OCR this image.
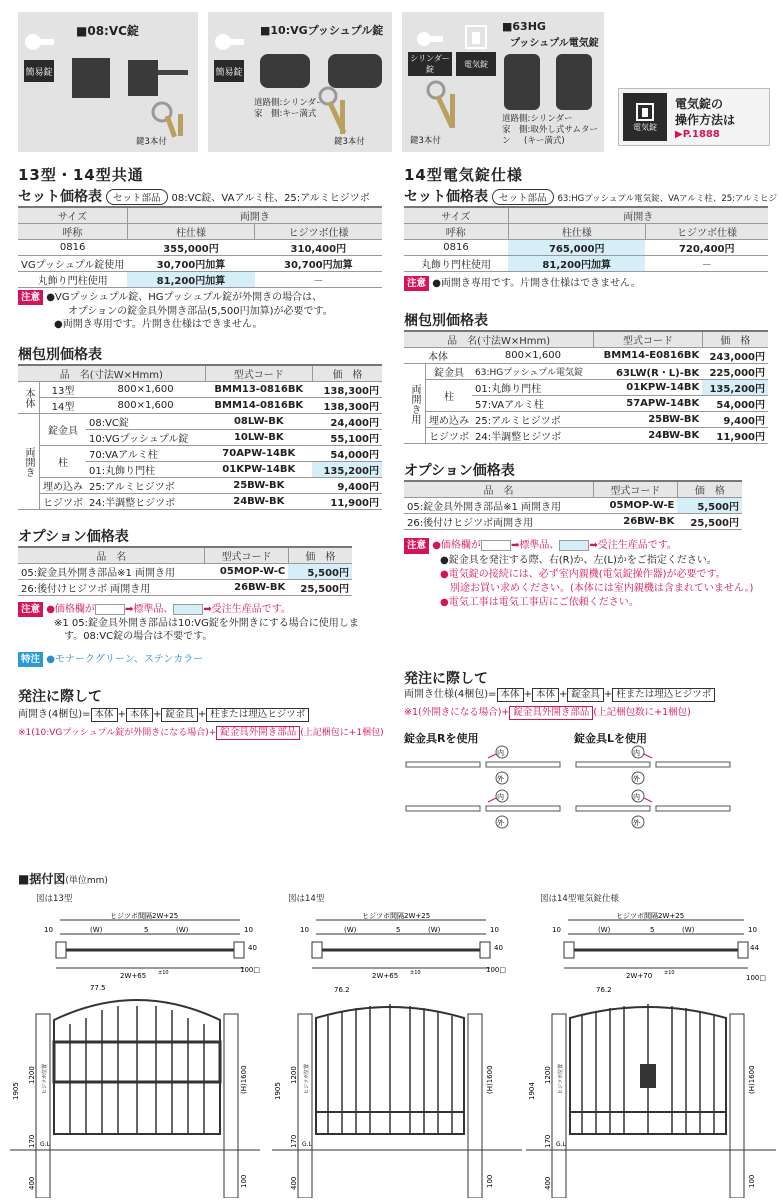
簡易錠
■08:VC錠
鍵3本付
簡易錠
■10:VGプッシュプル錠
道路側:シリンダー
家　側:キー満式
鍵3本付
シリンダー錠
電気錠
■63HG
プッシュプル電気錠
道路側:シリンダー
家　側:取外し式サムターン	(キー満式)
鍵3本付
電気錠
電気錠の
操作方法は
▶P.1888
13型・14型共通
セット価格表 セット部品 08:VC錠、VAアルミ柱、25:アルミヒジツボ
サイズ	両開き	
呼称	柱仕様	ヒジツボ仕様
0816	355,000円	310,400円
VGプッシュプル錠使用	30,700円加算	30,700円加算
丸飾り門柱使用	81,200円加算	－
注意 ●VGプッシュプル錠、HGプッシュプル錠が外開きの場合は、
オプションの錠金具外開き部品(5,500円加算)が必要です。
●両開き専用です。片開き仕様はできません。
梱包別価格表
品　名(寸法W×Hmm)			型式コード	価　格
本体	13型	800×1,600	BMM13-0816BK	138,300円
	14型	800×1,600	BMM14-0816BK	138,300円
両開き	錠金具	08:VC錠	08LW-BK	24,400円
		10:VGプッシュプル錠	10LW-BK	55,100円
	柱	70:VAアルミ柱	70APW-14BK	54,000円
		01:丸飾り門柱	01KPW-14BK	135,200円
	埋め込み	25:アルミヒジツボ	25BW-BK	9,400円
	ヒジツボ	24:半調整ヒジツボ	24BW-BK	11,900円
オプション価格表
品　名	型式コード	価　格
05:錠金具外開き部品※1 両開き用	05MOP-W-C	5,500円
26:後付けヒジツボ 両開き用	26BW-BK	25,500円
注意 ●価格欄が	➡標準品、	➡受注生産品です。
※1 05:錠金具外開き部品は10:VG錠を外開きにする場合に使用しま
す。08:VC錠の場合は不要です。
特注 ●モナークグリーン、ステンカラー
発注に際して
両開き(4梱包)= 本体 + 本体 + 錠金具 + 柱または埋込ヒジツボ
※1(10:VGプッシュプル錠が外開きになる場合)+ 錠金具外開き部品 (上記梱包に+1梱包)
14型電気錠仕様
セット価格表 セット部品 63:HGプッシュプル電気錠、VAアルミ柱、25:アルミヒジ
サイズ	両開き	
呼称	柱仕様	ヒジツボ仕様
0816	765,000円	720,400円
丸飾り門柱使用	81,200円加算	－
注意 ●両開き専用です。片開き仕様はできません。
梱包別価格表
品　名(寸法W×Hmm)			型式コード	価　格
本体		800×1,600	BMM14-E0816BK	243,000円
両開き用	錠金具	63:HGプッシュプル電気錠	63LW(R・L)-BK	225,000円
	柱	01:丸飾り門柱	01KPW-14BK	135,200円
		57:VAアルミ柱	57APW-14BK	54,000円
	埋め込み	25:アルミヒジツボ	25BW-BK	9,400円
	ヒジツボ	24:半調整ヒジツボ	24BW-BK	11,900円
オプション価格表
品　名	型式コード	価　格
05:錠金具外開き部品※1 両開き用	05MOP-W-E	5,500円
26:後付けヒジツボ両開き用	26BW-BK	25,500円
注意 ●価格欄が	➡標準品、	➡受注生産品です。
●錠金具を発注する際、右(R)か、左(L)かをご指定ください。
●電気錠の接続には、必ず室内親機(電気錠操作器)が必要です。
別途お買い求めください。(本体には室内親機は含まれていません。)
●電気工事は電気工事店にご依頼ください。
発注に際して
両開き仕様(4梱包)= 本体 + 本体 + 錠金具 + 柱または埋込ヒジツボ
※1(外開きになる場合)+ 錠金具外開き部品 (上記梱包数に+1梱包)
錠金具Rを使用	錠金具Lを使用
内
外
内
外
内
外
内
外
■据付図(単位mm)
図は13型	図は14型	図は14型電気錠仕様
ヒジツボ間隔2W+25
(W)	(W)
5
10	10
40
2W+65 ±10	100□
ヒジツボ間隔2W+25
(W)	(W)
5
10	10
40
2W+65 ±10	100□
ヒジツボ間隔2W+25
(W)	(W)
5
10	10
44
2W+70 ±10
100□
1905
1200	(H)1600
170
400	100
G.L
77.5
ヒジツボ位置	1905
1200	(H)1600
170
400	100
G.L
76.2
ヒジツボ位置	1904
1200	(H)1600
170
400	100
G.L
76.2
ヒジツボ位置
